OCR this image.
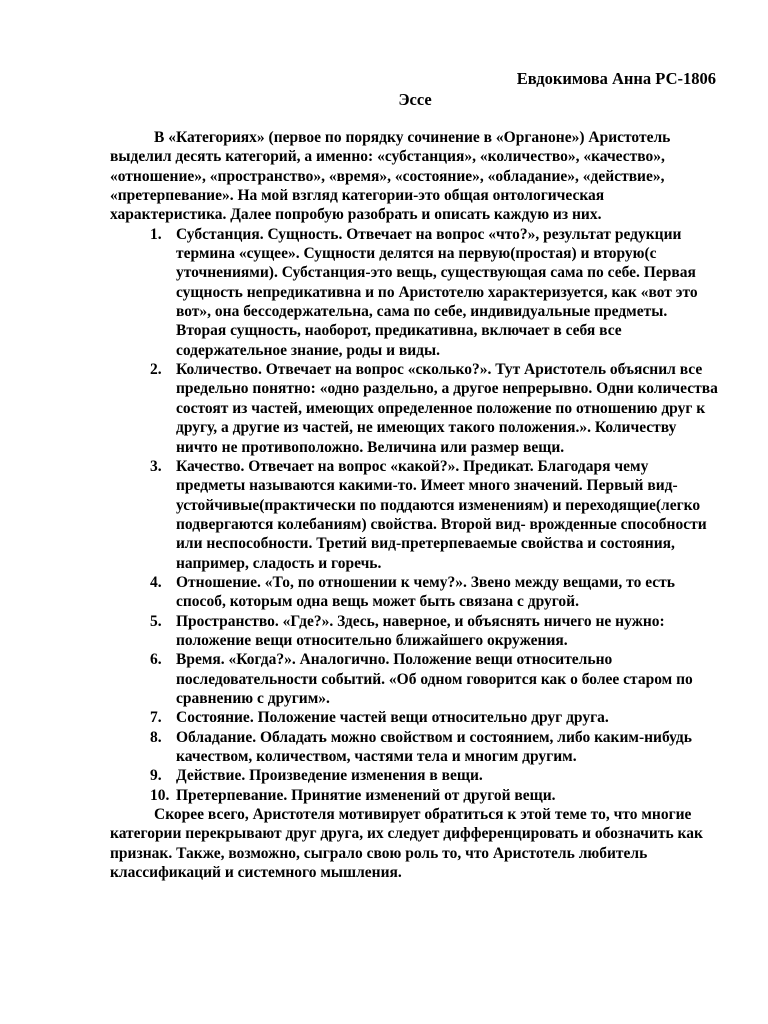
Евдокимова Анна РС-1806
Эссе

В «Категориях» (первое по порядку сочинение в «Органоне») Аристотель выделил десять категорий, а именно: «субстанция», «количество», «качество», «отношение», «пространство», «время», «состояние», «обладание», «действие», «претерпевание». На мой взгляд категории-это общая онтологическая характеристика. Далее попробую разобрать и описать каждую из них.

1. Субстанция. Сущность. Отвечает на вопрос «что?», результат редукции термина «сущее». Сущности делятся на первую(простая) и вторую(с уточнениями). Субстанция-это вещь, существующая сама по себе. Первая сущность непредикативна и по Аристотелю характеризуется, как «вот это вот», она бессодержательна, сама по себе, индивидуальные предметы. Вторая сущность, наоборот, предикативна, включает в себя все содержательное знание, роды и виды.
2. Количество. Отвечает на вопрос «сколько?». Тут Аристотель объяснил все предельно понятно: «одно раздельно, а другое непрерывно. Одни количества состоят из частей, имеющих определенное положение по отношению друг к другу, а другие из частей, не имеющих такого положения.». Количеству ничто не противоположно. Величина или размер вещи.
3. Качество. Отвечает на вопрос «какой?». Предикат. Благодаря чему предметы называются какими-то. Имеет много значений. Первый вид-устойчивые(практически по поддаются изменениям) и переходящие(легко подвергаются колебаниям) свойства. Второй вид- врожденные способности или неспособности. Третий вид-претерпеваемые свойства и состояния, например, сладость и горечь.
4. Отношение. «То, по отношении к чему?». Звено между вещами, то есть способ, которым одна вещь может быть связана с другой.
5. Пространство. «Где?». Здесь, наверное, и объяснять ничего не нужно: положение вещи относительно ближайшего окружения.
6. Время. «Когда?». Аналогично. Положение вещи относительно последовательности событий. «Об одном говорится как о более старом по сравнению с другим».
7. Состояние. Положение частей вещи относительно друг друга.
8. Обладание. Обладать можно свойством и состоянием, либо каким-нибудь качеством, количеством, частями тела и многим другим.
9. Действие. Произведение изменения в вещи.
10. Претерпевание. Принятие изменений от другой вещи.

Скорее всего, Аристотеля мотивирует обратиться к этой теме то, что многие категории перекрывают друг друга, их следует дифференцировать и обозначить как признак. Также, возможно, сыграло свою роль то, что Аристотель любитель классификаций и системного мышления.
